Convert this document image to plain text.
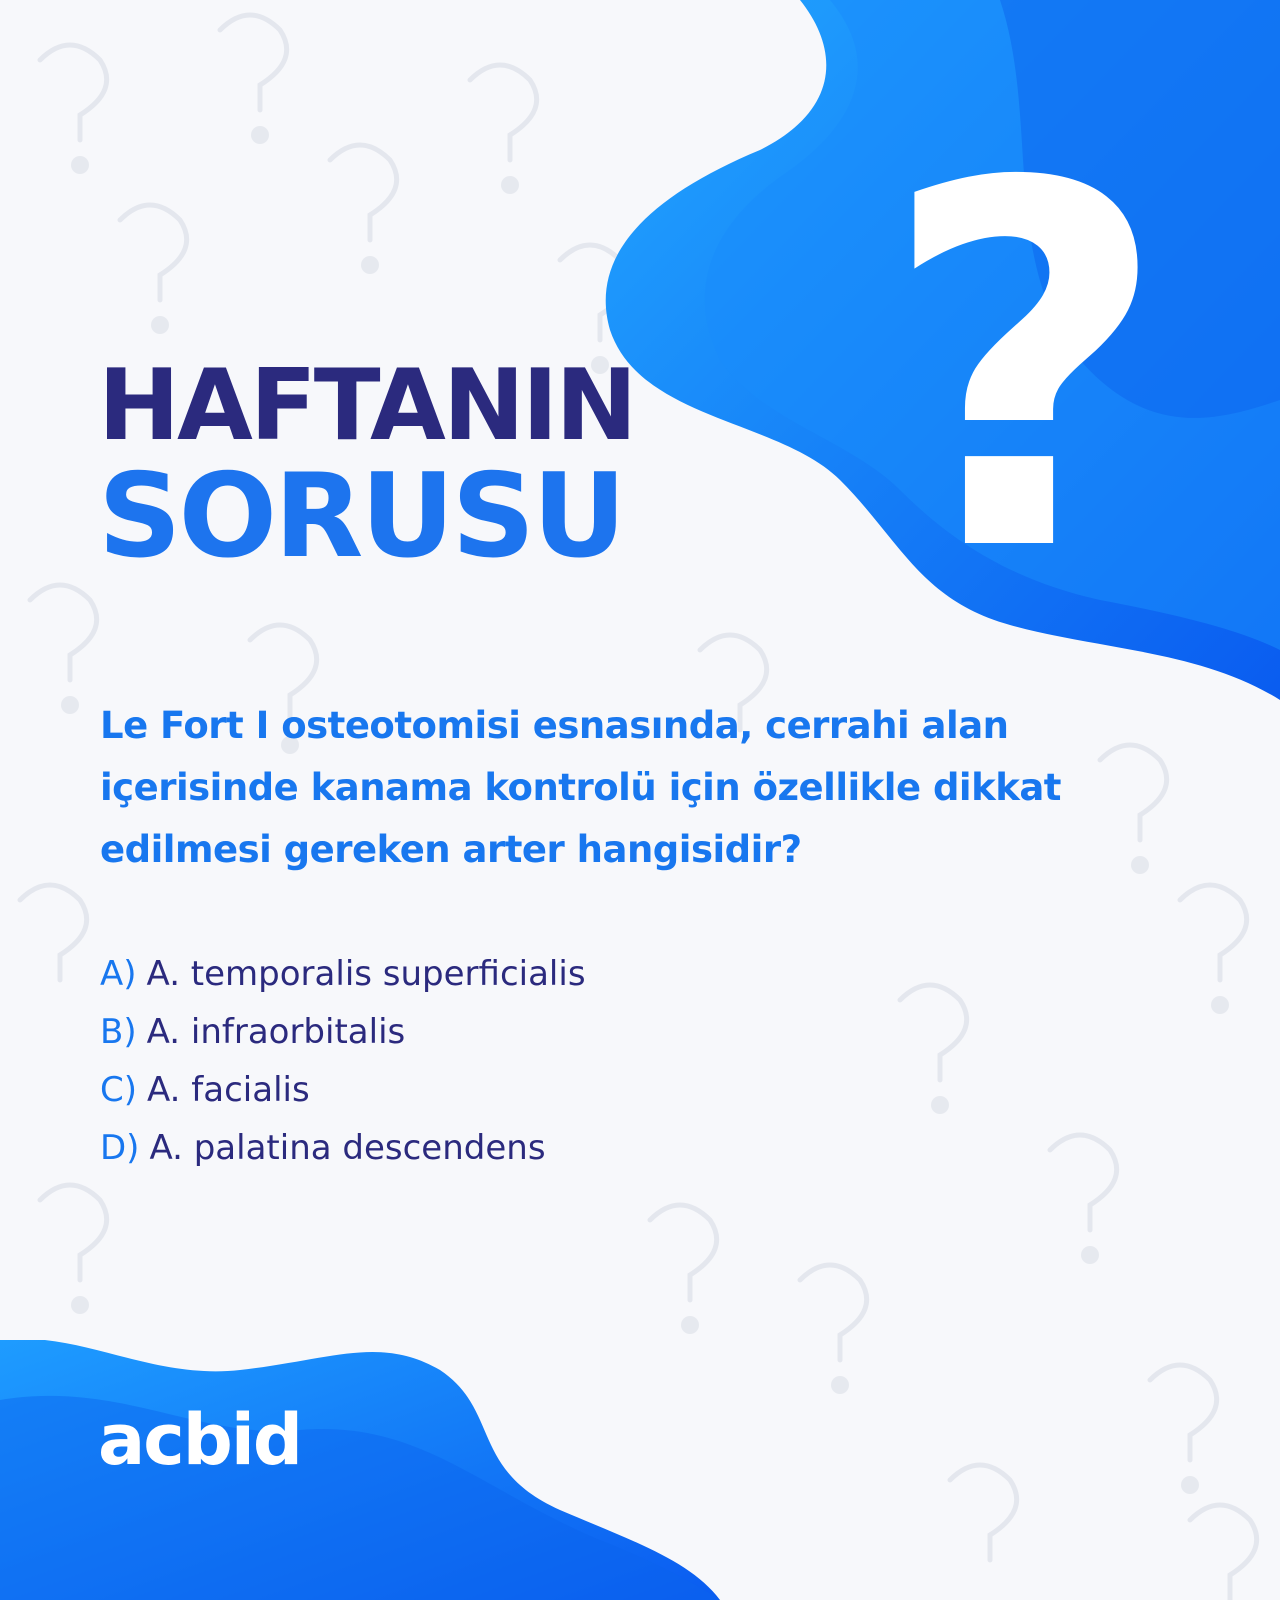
?
HAFTANIN
SORUSU

Le Fort I osteotomisi esnasında, cerrahi alan içerisinde kanama kontrolü için özellikle dikkat edilmesi gereken arter hangisidir?

A) A. temporalis superficialis
B) A. infraorbitalis
C) A. facialis
D) A. palatina descendens
acbid
